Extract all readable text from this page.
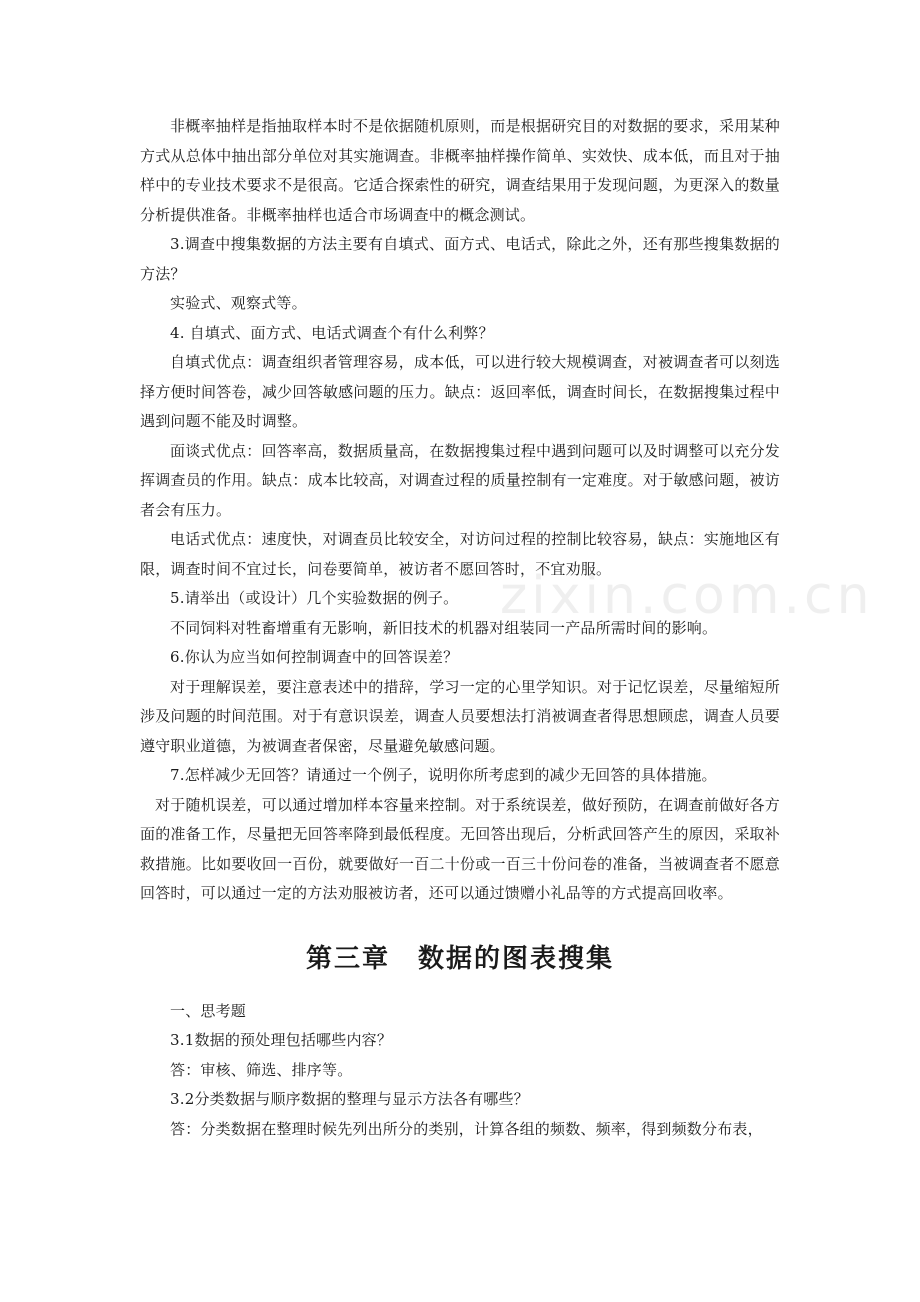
非概率抽样是指抽取样本时不是依据随机原则，而是根据研究目的对数据的要求，采用某种方式从总体中抽出部分单位对其实施调查。非概率抽样操作简单、实效快、成本低，而且对于抽样中的专业技术要求不是很高。它适合探索性的研究，调查结果用于发现问题，为更深入的数量分析提供准备。非概率抽样也适合市场调查中的概念测试。

3.调查中搜集数据的方法主要有自填式、面方式、电话式，除此之外，还有那些搜集数据的方法？

实验式、观察式等。

4. 自填式、面方式、电话式调查个有什么利弊？

自填式优点：调查组织者管理容易，成本低，可以进行较大规模调查，对被调查者可以刻选择方便时间答卷，减少回答敏感问题的压力。缺点：返回率低，调查时间长，在数据搜集过程中遇到问题不能及时调整。

面谈式优点：回答率高，数据质量高，在数据搜集过程中遇到问题可以及时调整可以充分发挥调查员的作用。缺点：成本比较高，对调查过程的质量控制有一定难度。对于敏感问题，被访者会有压力。

电话式优点：速度快，对调查员比较安全，对访问过程的控制比较容易，缺点：实施地区有限，调查时间不宜过长，问卷要简单，被访者不愿回答时，不宜劝服。

5.请举出（或设计）几个实验数据的例子。

不同饲料对牲畜增重有无影响，新旧技术的机器对组装同一产品所需时间的影响。

6.你认为应当如何控制调查中的回答误差？

对于理解误差，要注意表述中的措辞，学习一定的心里学知识。对于记忆误差，尽量缩短所涉及问题的时间范围。对于有意识误差，调查人员要想法打消被调查者得思想顾虑，调查人员要遵守职业道德，为被调查者保密，尽量避免敏感问题。

7.怎样减少无回答？请通过一个例子，说明你所考虑到的减少无回答的具体措施。

对于随机误差，可以通过增加样本容量来控制。对于系统误差，做好预防，在调查前做好各方面的准备工作，尽量把无回答率降到最低程度。无回答出现后，分析武回答产生的原因，采取补救措施。比如要收回一百份，就要做好一百二十份或一百三十份问卷的准备，当被调查者不愿意回答时，可以通过一定的方法劝服被访者，还可以通过馈赠小礼品等的方式提高回收率。

第三章　数据的图表搜集

一、思考题

3.1数据的预处理包括哪些内容？

答：审核、筛选、排序等。

3.2分类数据与顺序数据的整理与显示方法各有哪些？

答：分类数据在整理时候先列出所分的类别，计算各组的频数、频率，得到频数分布表，

zixin.com.cn
